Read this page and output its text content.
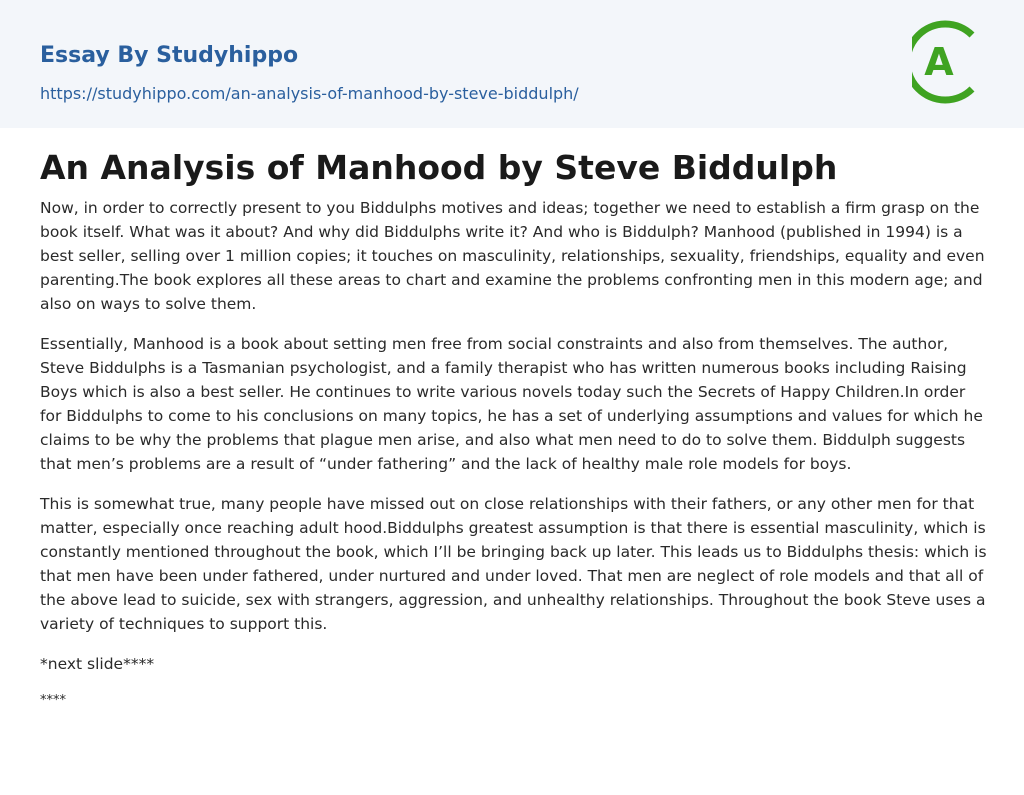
Essay By Studyhippo
https://studyhippo.com/an-analysis-of-manhood-by-steve-biddulph/
A
An Analysis of Manhood by Steve Biddulph

Now, in order to correctly present to you Biddulphs motives and ideas; together we need to establish a firm grasp on the book itself. What was it about? And why did Biddulphs write it? And who is Biddulph? Manhood (published in 1994) is a best seller, selling over 1 million copies; it touches on masculinity, relationships, sexuality, friendships, equality and even parenting.The book explores all these areas to chart and examine the problems confronting men in this modern age; and also on ways to solve them.

Essentially, Manhood is a book about setting men free from social constraints and also from themselves. The author, Steve Biddulphs is a Tasmanian psychologist, and a family therapist who has written numerous books including Raising Boys which is also a best seller. He continues to write various novels today such the Secrets of Happy Children.In order for Biddulphs to come to his conclusions on many topics, he has a set of underlying assumptions and values for which he claims to be why the problems that plague men arise, and also what men need to do to solve them. Biddulph suggests that men’s problems are a result of “under fathering” and the lack of healthy male role models for boys.

This is somewhat true, many people have missed out on close relationships with their fathers, or any other men for that matter, especially once reaching adult hood.Biddulphs greatest assumption is that there is essential masculinity, which is constantly mentioned throughout the book, which I’ll be bringing back up later. This leads us to Biddulphs thesis: which is that men have been under fathered, under nurtured and under loved. That men are neglect of role models and that all of the above lead to suicide, sex with strangers, aggression, and unhealthy relationships. Throughout the book Steve uses a variety of techniques to support this.

*next slide****

****
